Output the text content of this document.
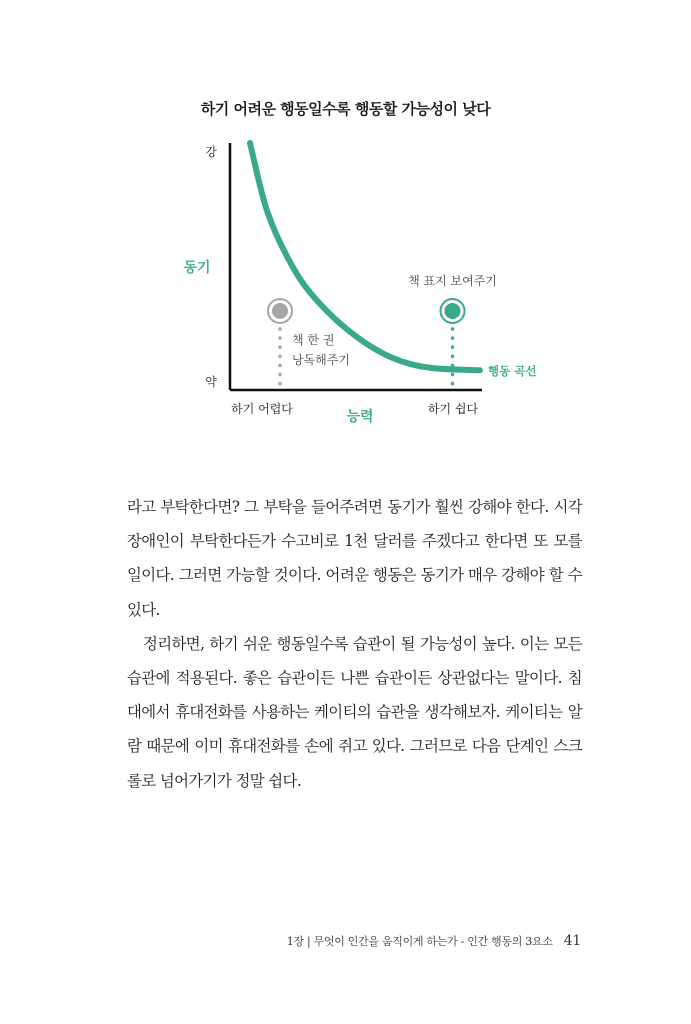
하기 어려운 행동일수록 행동할 가능성이 낮다
강
약
동기
하기 어렵다	하기 쉽다
능력
행동 곡선
책 한 권
낭독해주기
책 표지 보여주기

라고 부탁한다면? 그 부탁을 들어주려면 동기가 훨씬 강해야 한다. 시각장애인이 부탁한다든가 수고비로 1천 달러를 주겠다고 한다면 또 모를 일이다. 그러면 가능할 것이다. 어려운 행동은 동기가 매우 강해야 할 수 있다.

정리하면, 하기 쉬운 행동일수록 습관이 될 가능성이 높다. 이는 모든 습관에 적용된다. 좋은 습관이든 나쁜 습관이든 상관없다는 말이다. 침대에서 휴대전화를 사용하는 케이티의 습관을 생각해보자. 케이티는 알람 때문에 이미 휴대전화를 손에 쥐고 있다. 그러므로 다음 단계인 스크롤로 넘어가기가 정말 쉽다.

1장 | 무엇이 인간을 움직이게 하는가 - 인간 행동의 3요소 41
